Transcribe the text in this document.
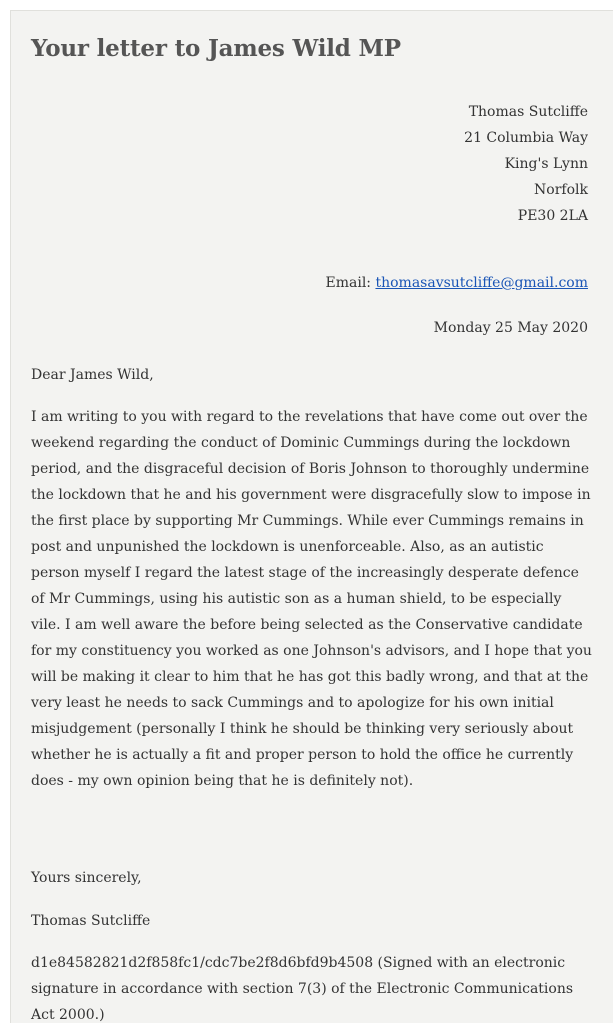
Your letter to James Wild MP
Thomas Sutcliffe
21 Columbia Way
King's Lynn
Norfolk
PE30 2LA
Email: thomasavsutcliffe@gmail.com
Monday 25 May 2020

Dear James Wild,

I am writing to you with regard to the revelations that have come out over the weekend regarding the conduct of Dominic Cummings during the lockdown period, and the disgraceful decision of Boris Johnson to thoroughly undermine the lockdown that he and his government were disgracefully slow to impose in the first place by supporting Mr Cummings. While ever Cummings remains in post and unpunished the lockdown is unenforceable. Also, as an autistic person myself I regard the latest stage of the increasingly desperate defence of Mr Cummings, using his autistic son as a human shield, to be especially vile. I am well aware the before being selected as the Conservative candidate for my constituency you worked as one Johnson's advisors, and I hope that you will be making it clear to him that he has got this badly wrong, and that at the very least he needs to sack Cummings and to apologize for his own initial misjudgement (personally I think he should be thinking very seriously about whether he is actually a fit and proper person to hold the office he currently does - my own opinion being that he is definitely not).

Yours sincerely,

Thomas Sutcliffe

d1e84582821d2f858fc1/cdc7be2f8d6bfd9b4508 (Signed with an electronic signature in accordance with section 7(3) of the Electronic Communications Act 2000.)
